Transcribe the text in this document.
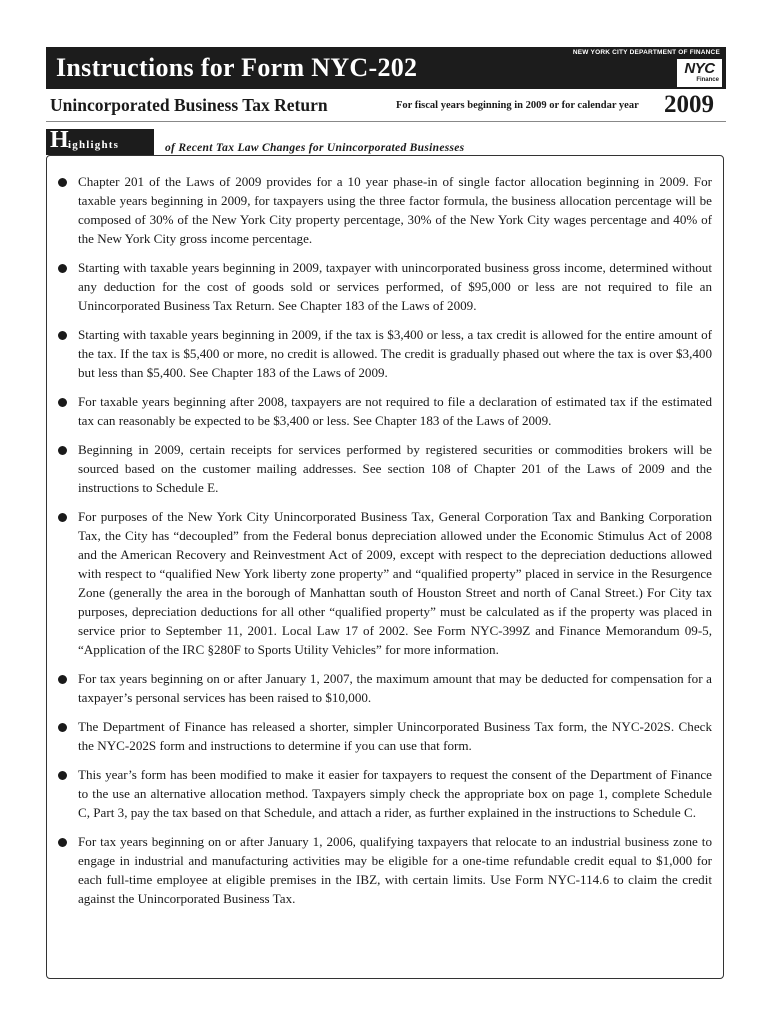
Instructions for Form NYC-202
NEW YORK CITY DEPARTMENT OF FINANCE
NYC
Finance
Unincorporated Business Tax Return	For fiscal years beginning in 2009 or for calendar year 2009
H ighlights	of Recent Tax Law Changes for Unincorporated Businesses
Chapter 201 of the Laws of 2009 provides for a 10 year phase-in of single factor allocation beginning in 2009. For taxable years beginning in 2009, for taxpayers using the three factor formula, the business allocation percentage will be composed of 30% of the New York City property percentage, 30% of the New York City wages percentage and 40% of the New York City gross income percentage.
Starting with taxable years beginning in 2009, taxpayer with unincorporated business gross income, determined without any deduction for the cost of goods sold or services performed, of $95,000 or less are not required to file an Unincorporated Business Tax Return. See Chapter 183 of the Laws of 2009.
Starting with taxable years beginning in 2009, if the tax is $3,400 or less, a tax credit is allowed for the entire amount of the tax. If the tax is $5,400 or more, no credit is allowed. The credit is gradually phased out where the tax is over $3,400 but less than $5,400. See Chapter 183 of the Laws of 2009.
For taxable years beginning after 2008, taxpayers are not required to file a declaration of estimated tax if the estimated tax can reasonably be expected to be $3,400 or less. See Chapter 183 of the Laws of 2009.
Beginning in 2009, certain receipts for services performed by registered securities or commodities brokers will be sourced based on the customer mailing addresses. See section 108 of Chapter 201 of the Laws of 2009 and the instructions to Schedule E.
For purposes of the New York City Unincorporated Business Tax, General Corporation Tax and Banking Corporation Tax, the City has “decoupled” from the Federal bonus depreciation allowed under the Economic Stimulus Act of 2008 and the American Recovery and Reinvestment Act of 2009, except with respect to the depreciation deductions allowed with respect to “qualified New York liberty zone property” and “qualified property” placed in service in the Resurgence Zone (generally the area in the borough of Manhattan south of Houston Street and north of Canal Street.) For City tax purposes, depreciation deductions for all other “qualified property” must be calculated as if the property was placed in service prior to September 11, 2001. Local Law 17 of 2002. See Form NYC-399Z and Finance Memorandum 09-5, “Application of the IRC §280F to Sports Utility Vehicles” for more information.
For tax years beginning on or after January 1, 2007, the maximum amount that may be deducted for compensation for a taxpayer’s personal services has been raised to $10,000.
The Department of Finance has released a shorter, simpler Unincorporated Business Tax form, the NYC-202S. Check the NYC-202S form and instructions to determine if you can use that form.
This year’s form has been modified to make it easier for taxpayers to request the consent of the Department of Finance to the use an alternative allocation method. Taxpayers simply check the appropriate box on page 1, complete Schedule C, Part 3, pay the tax based on that Schedule, and attach a rider, as further explained in the instructions to Schedule C.
For tax years beginning on or after January 1, 2006, qualifying taxpayers that relocate to an industrial business zone to engage in industrial and manufacturing activities may be eligible for a one-time refundable credit equal to $1,000 for each full-time employee at eligible premises in the IBZ, with certain limits. Use Form NYC-114.6 to claim the credit against the Unincorporated Business Tax.
